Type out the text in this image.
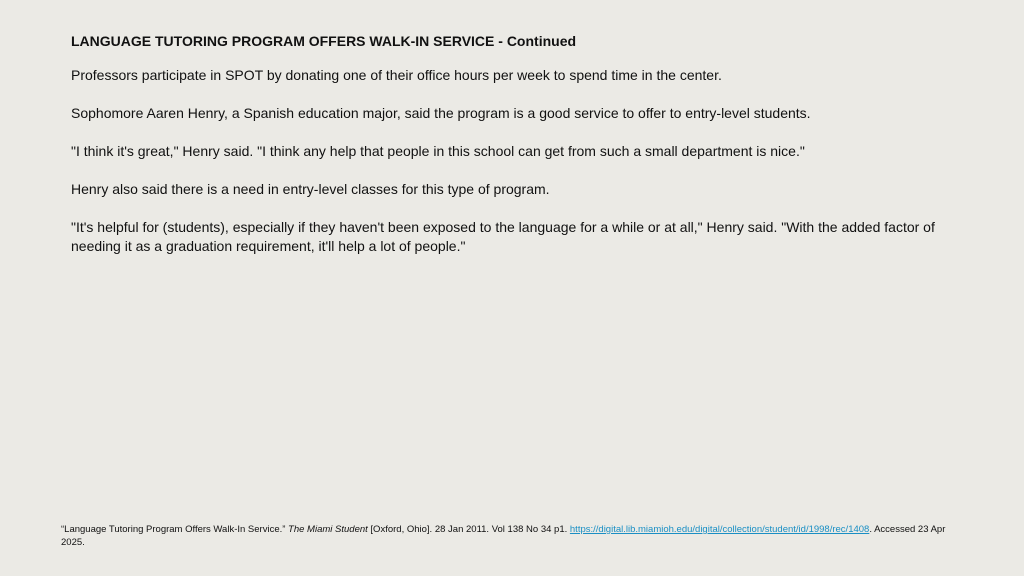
LANGUAGE TUTORING PROGRAM OFFERS WALK-IN SERVICE - Continued

Professors participate in SPOT by donating one of their office hours per week to spend time in the center.

Sophomore Aaren Henry, a Spanish education major, said the program is a good service to offer to entry-level students.

"I think it's great," Henry said. "I think any help that people in this school can get from such a small department is nice."

Henry also said there is a need in entry-level classes for this type of program.

"It's helpful for (students), especially if they haven't been exposed to the language for a while or at all," Henry said. "With the added factor of needing it as a graduation requirement, it'll help a lot of people."

“Language Tutoring Program Offers Walk-In Service.” The Miami Student [Oxford, Ohio]. 28 Jan 2011. Vol 138 No 34 p1. https://digital.lib.miamioh.edu/digital/collection/student/id/1998/rec/1408. Accessed 23 Apr 2025.
